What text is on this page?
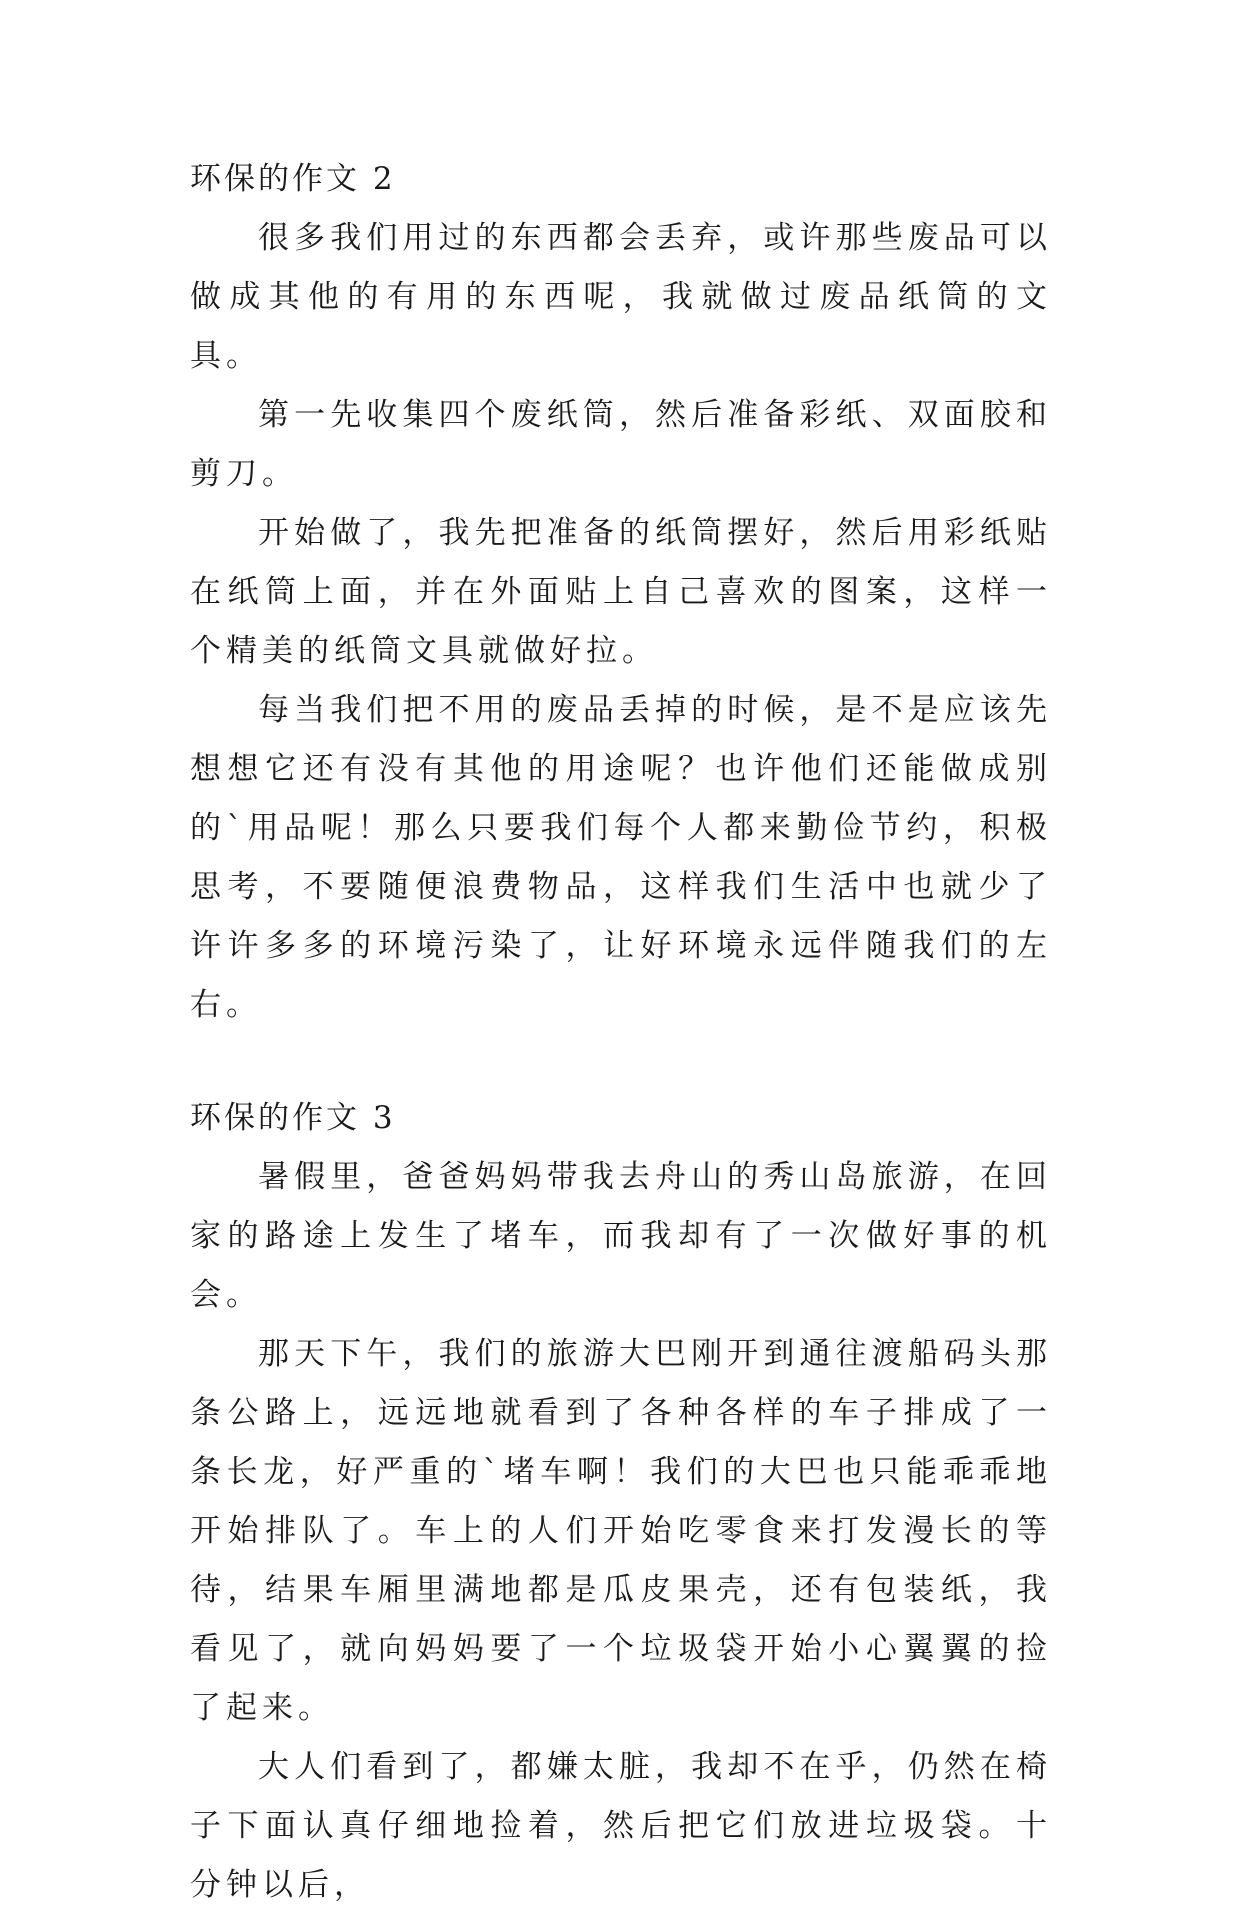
环保的作文 2

很多我们用过的东西都会丢弃，或许那些废品可以做成其他的有用的东西呢，我就做过废品纸筒的文具。

第一先收集四个废纸筒，然后准备彩纸、双面胶和剪刀。

开始做了，我先把准备的纸筒摆好，然后用彩纸贴在纸筒上面，并在外面贴上自己喜欢的图案，这样一个精美的纸筒文具就做好拉。

每当我们把不用的废品丢掉的时候，是不是应该先想想它还有没有其他的用途呢？也许他们还能做成别的`用品呢！那么只要我们每个人都来勤俭节约，积极思考，不要随便浪费物品，这样我们生活中也就少了许许多多的环境污染了，让好环境永远伴随我们的左右。

环保的作文 3

暑假里，爸爸妈妈带我去舟山的秀山岛旅游，在回家的路途上发生了堵车，而我却有了一次做好事的机会。

那天下午，我们的旅游大巴刚开到通往渡船码头那条公路上，远远地就看到了各种各样的车子排成了一条长龙，好严重的`堵车啊！我们的大巴也只能乖乖地开始排队了。车上的人们开始吃零食来打发漫长的等待，结果车厢里满地都是瓜皮果壳，还有包装纸，我看见了，就向妈妈要了一个垃圾袋开始小心翼翼的捡了起来。

大人们看到了，都嫌太脏，我却不在乎，仍然在椅子下面认真仔细地捡着，然后把它们放进垃圾袋。十分钟以后，
